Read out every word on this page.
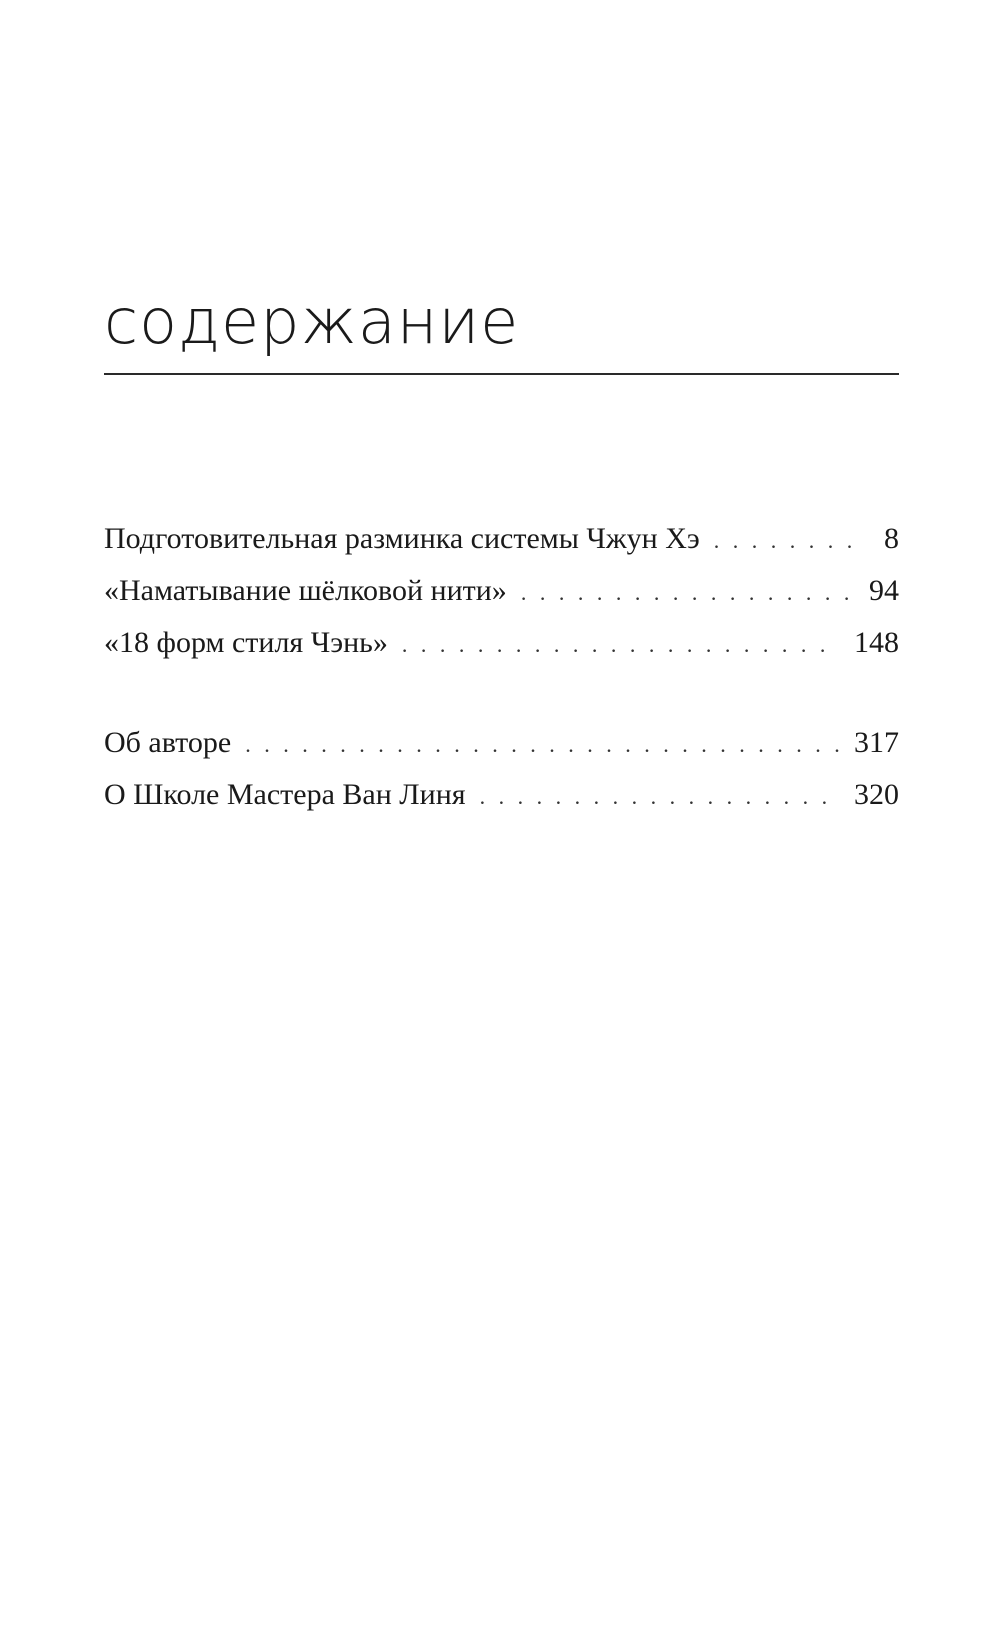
содержание
Подготовительная разминка системы Чжун Хэ . . .	8
«Наматывание шёлковой нити» . . .	94
«18 форм стиля Чэнь» . . .	148
Об авторе . . .	317
О Школе Мастера Ван Линя . . .	320
